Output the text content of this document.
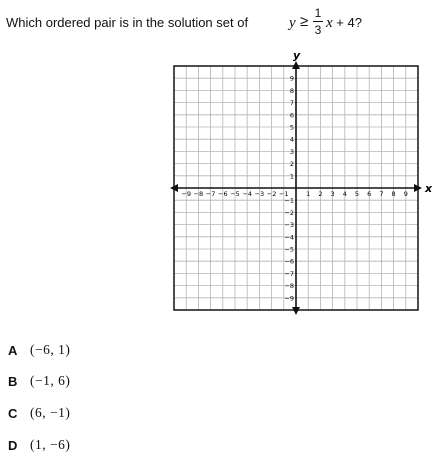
Which ordered pair is in the solution set of	y ≥ 1
3 x + 4?
x
y
−9 −8 −7 −6 −5 −4 −3 −2 −1	1 2 3 4 5 6 7 8 9
9
8
7
6
5
4
3
2
1
−1
−2
−3
−4
−5
−6
−7
−8
−9
A (−6, 1)
B (−1, 6)
C (6, −1)
D (1, −6)
